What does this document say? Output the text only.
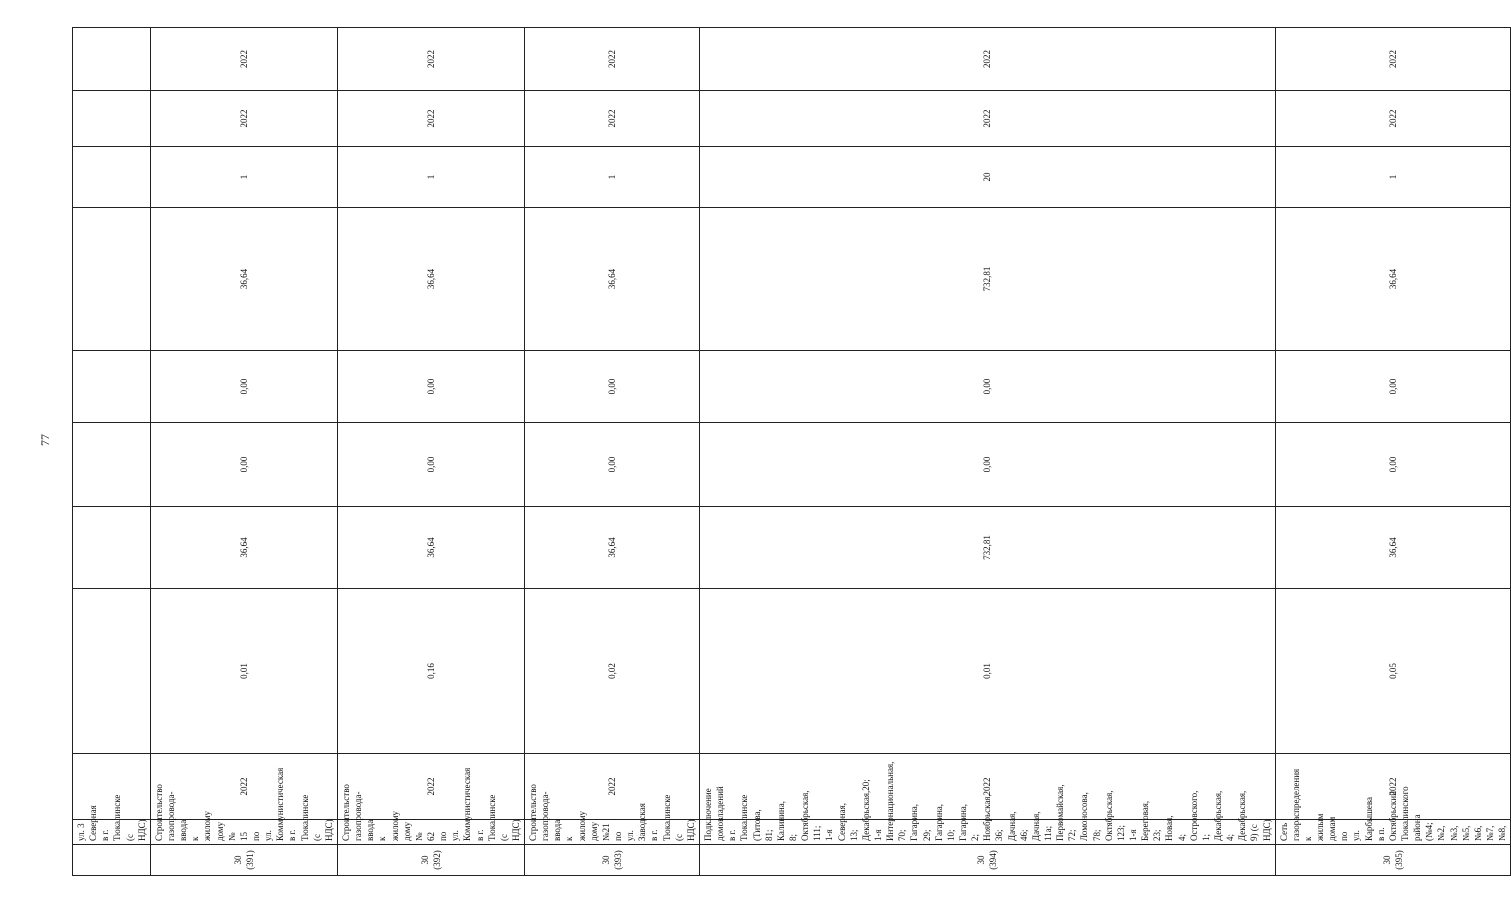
77
	ул. 3 Северная в г. Тюкалинске (с НДС)									
30 (391)	Строительство газопровода-ввода к жилому дому № 15 по ул. Коммунистическая в г. Тюкалинске (с НДС)	2022	0,01	36,64	0,00	0,00	36,64	1	2022	2022
30 (392)	Строительство газопровода-ввода к жилому дому № 62 по ул. Коммунистическая в г. Тюкалинске (с НДС)	2022	0,16	36,64	0,00	0,00	36,64	1	2022	2022
30 (393)	Строительство газопровода-ввода к жилому дому №21 по ул. Заводская в г. Тюкалинске (с НДС)	2022	0,02	36,64	0,00	0,00	36,64	1	2022	2022
30 (394)	Подключение домовладений в г. Тюкалинске (Титова, 81; Калинина, 8; Октябрьская, 111; 1-я Северная, 13; Декабрьская,20; 1-я Интернациональная, 70; Гагарина, 29; Гагарина, 10; Гагарина, 2; Ноябрьская, 36; Дачная, 46; Дачная, 11а; Первомайская, 72; Ломоносова, 78; Октябрьская, 123; 1-я Береговая, 23; Новая, 4; Островского, 1; Декабрьская, 4; Декабрьская, 9) (с НДС)	2022	0,01	732,81	0,00	0,00	732,81	20	2022	2022
30 (395)	Сеть газораспределения к жилым домам по ул. Карбышева в п. Октябрьский Тюкалинского района (№4; №2, №3, №5, №6, №7, №8,	2022	0,05	36,64	0,00	0,00	36,64	1	2022	2022
